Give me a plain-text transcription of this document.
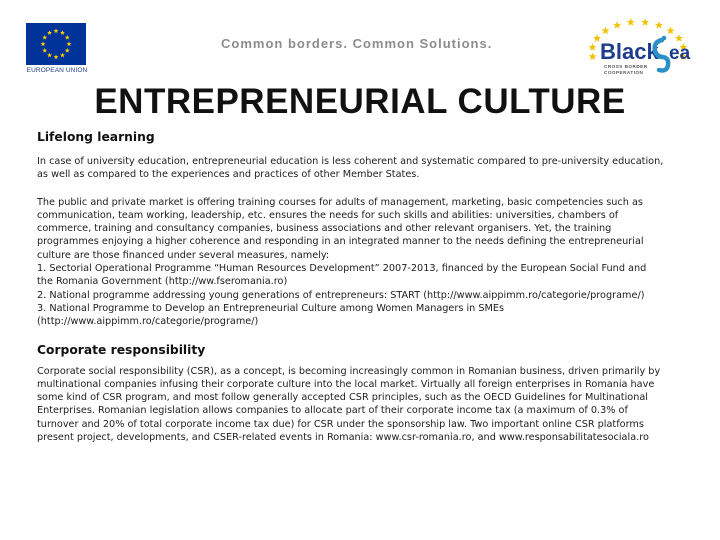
EUROPEAN UNION
Common borders. Common Solutions.	Black ea
CROSS BORDER
COOPERATION
ENTREPRENEURIAL CULTURE

Lifelong learning

In case of university education, entrepreneurial education is less coherent and systematic compared to pre-university education, as well as compared to the experiences and practices of other Member States.

The public and private market is offering training courses for adults of management, marketing, basic competencies such as communication, team working, leadership, etc. ensures the needs for such skills and abilities: universities, chambers of commerce, training and consultancy companies, business associations and other relevant organisers. Yet, the training programmes enjoying a higher coherence and responding in an integrated manner to the needs defining the entrepreneurial culture are those financed under several measures, namely:

1. Sectorial Operational Programme “Human Resources Development” 2007-2013, financed by the European Social Fund and the Romania Government (http://ww.fseromania.ro)

2. National programme addressing young generations of entrepreneurs: START (http://www.aippimm.ro/categorie/programe/)

3. National Programme to Develop an Entrepreneurial Culture among Women Managers in SMEs (http://www.aippimm.ro/categorie/programe/)

Corporate responsibility

Corporate social responsibility (CSR), as a concept, is becoming increasingly common in Romanian business, driven primarily by multinational companies infusing their corporate culture into the local market. Virtually all foreign enterprises in Romania have some kind of CSR program, and most follow generally accepted CSR principles, such as the OECD Guidelines for Multinational Enterprises. Romanian legislation allows companies to allocate part of their corporate income tax (a maximum of 0.3% of turnover and 20% of total corporate income tax due) for CSR under the sponsorship law. Two important online CSR platforms present project, developments, and CSER-related events in Romania: www.csr-romania.ro, and www.responsabilitatesociala.ro
